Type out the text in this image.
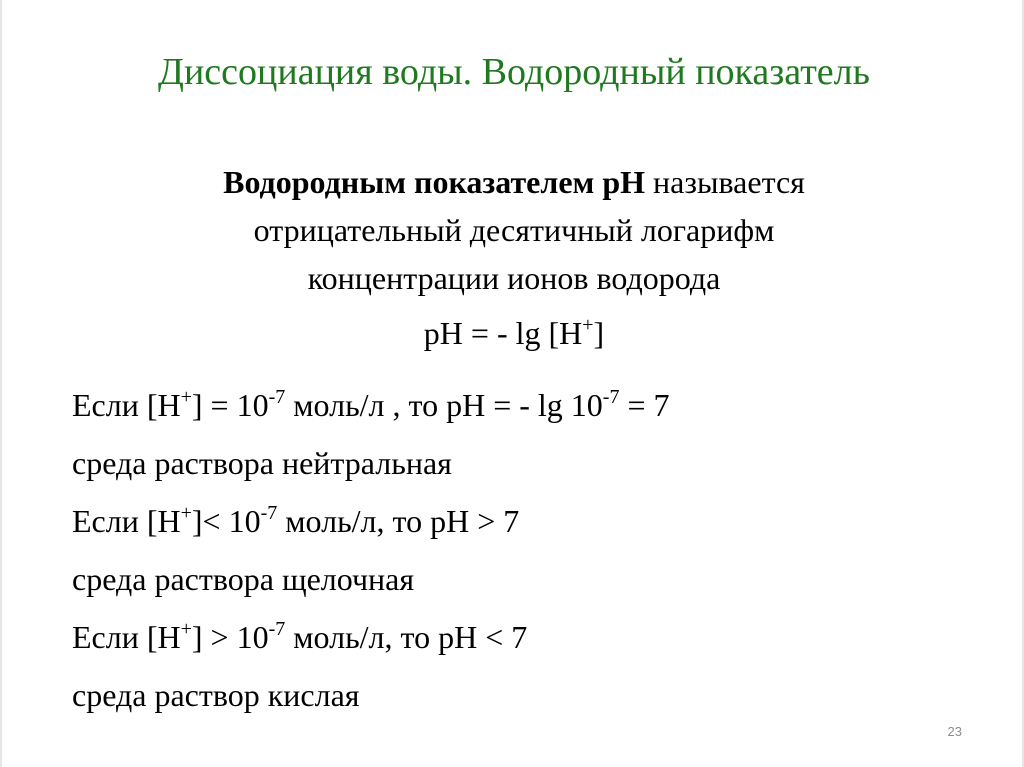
Диссоциация воды. Водородный показатель
Водородным показателем pH называется
отрицательный десятичный логарифм
концентрации ионов водорода
pH = - lg [H+]
Если $[H^+] = 10^{-7}$ моль/л , то pH = - $\lg 10^{-7} = 7$
среда раствора нейтральная
Если $[H^+]< 10^{-7}$ моль/л, то pH > 7
среда раствора щелочная
Если $[H^+] > 10^{-7}$ моль/л, то pH < 7
среда раствор кислая
23
